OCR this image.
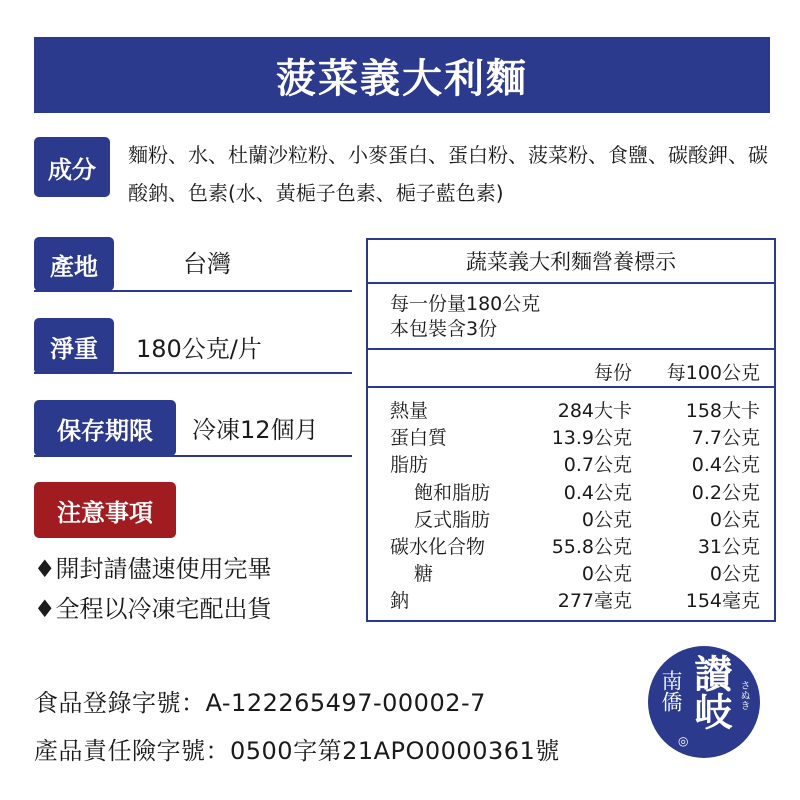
菠菜義大利麵
成分
麵粉、水、杜蘭沙粒粉、小麥蛋白、蛋白粉、菠菜粉、食鹽、碳酸鉀、碳酸鈉、色素(水、黃梔子色素、梔子藍色素)
產地	台灣
淨重	180公克/片
保存期限	冷凍12個月
注意事項
♦開封請儘速使用完畢
♦全程以冷凍宅配出貨
蔬菜義大利麵營養標示
每一份量180公克
本包裝含3份
每份 每100公克
熱量	284大卡	158大卡
蛋白質	13.9公克	7.7公克
脂肪	0.7公克	0.4公克
飽和脂肪	0.4公克	0.2公克
反式脂肪	0公克	0公克
碳水化合物	55.8公克	31公克
糖	0公克	0公克
鈉	277毫克	154毫克
食品登錄字號：A-122265497-00002-7
產品責任險字號：0500字第21APO0000361號
讃岐
南僑	さぬき
◎
